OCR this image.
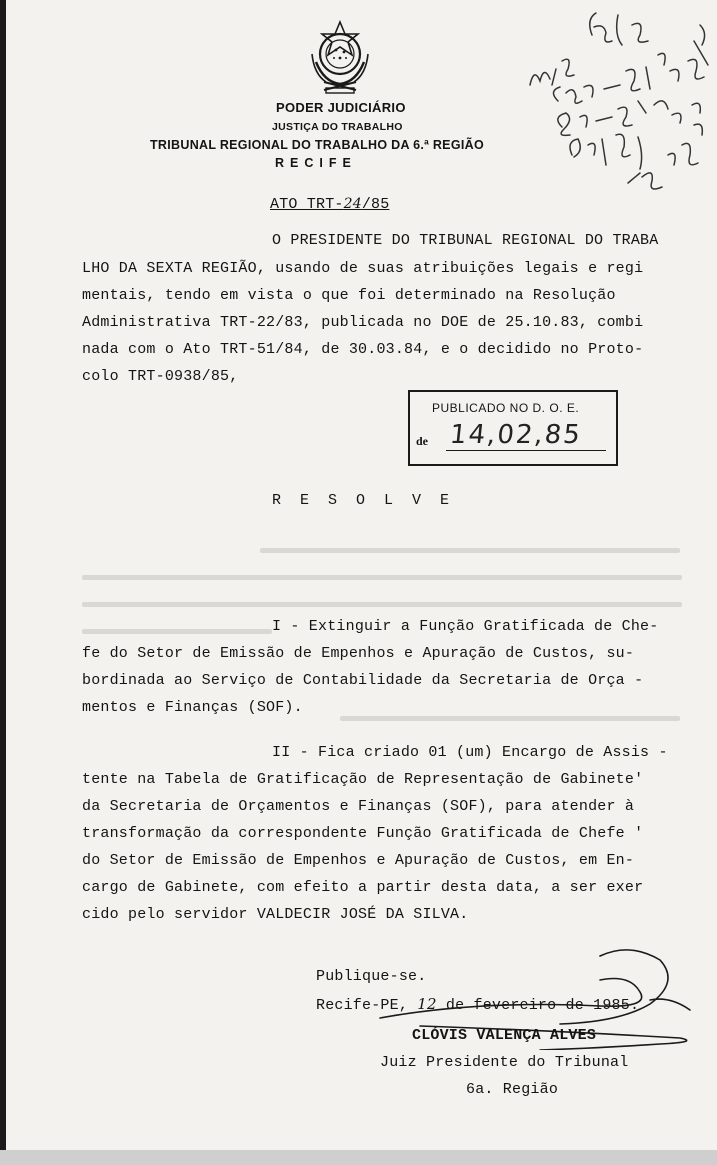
PODER JUDICIÁRIO
JUSTIÇA DO TRABALHO
TRIBUNAL REGIONAL DO TRABALHO DA 6.ª REGIÃO
RECIFE
ATO TRT-24/85
O PRESIDENTE DO TRIBUNAL REGIONAL DO TRABA
LHO DA SEXTA REGIÃO, usando de suas atribuições legais e regi
mentais, tendo em vista o que foi determinado na Resolução
Administrativa TRT-22/83, publicada no DOE de 25.10.83, combi
nada com o Ato TRT-51/84, de 30.03.84, e o decidido no Proto-
colo TRT-0938/85,
PUBLICADO NO D. O. E.
de 14,02,85
RESOLVE
I - Extinguir a Função Gratificada de Che-
fe do Setor de Emissão de Empenhos e Apuração de Custos, su-
bordinada ao Serviço de Contabilidade da Secretaria de Orça -
mentos e Finanças (SOF).
II - Fica criado 01 (um) Encargo de Assis -
tente na Tabela de Gratificação de Representação de Gabinete'
da Secretaria de Orçamentos e Finanças (SOF), para atender à
transformação da correspondente Função Gratificada de Chefe '
do Setor de Emissão de Empenhos e Apuração de Custos, em En-
cargo de Gabinete, com efeito a partir desta data, a ser exer
cido pelo servidor VALDECIR JOSÉ DA SILVA.
Publique-se.
Recife-PE, 12 de fevereiro de 1985.
CLÓVIS VALENÇA ALVES
Juiz Presidente do Tribunal
6a. Região
